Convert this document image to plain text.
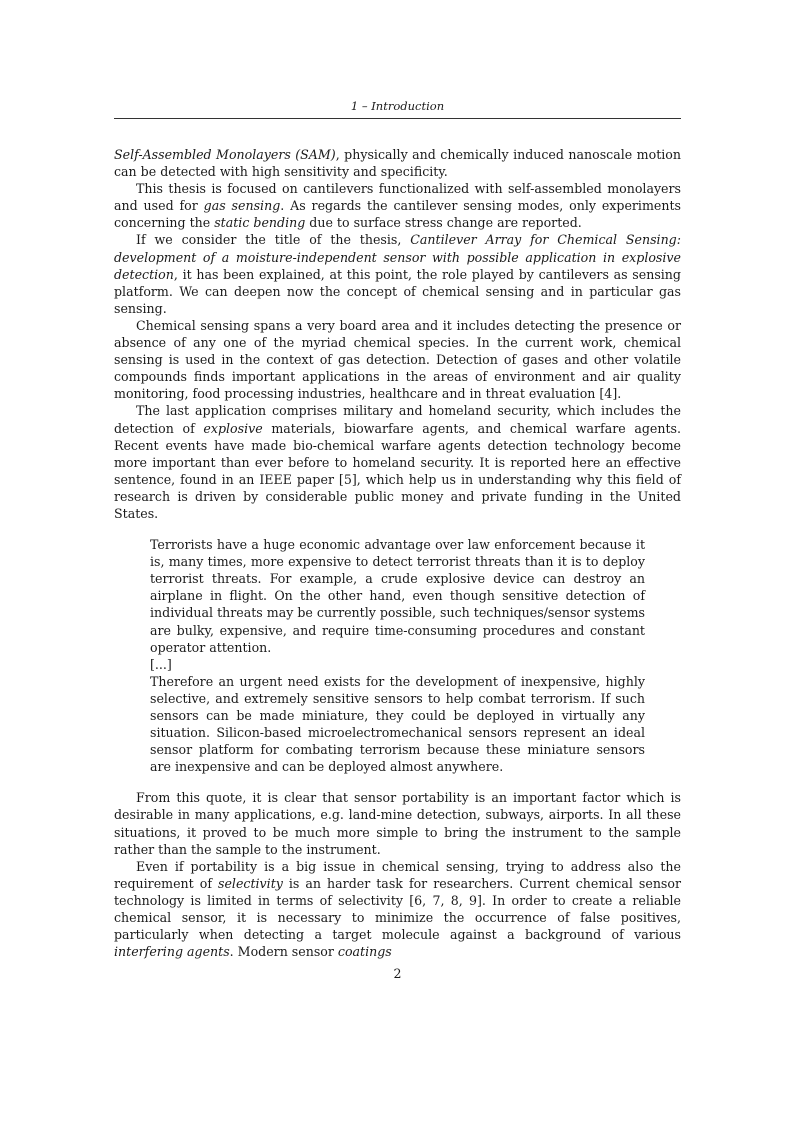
1 – Introduction

Self-Assembled Monolayers (SAM), physically and chemically induced nanoscale motion can be detected with high sensitivity and specificity.

This thesis is focused on cantilevers functionalized with self-assembled monolayers and used for gas sensing. As regards the cantilever sensing modes, only experiments concerning the static bending due to surface stress change are reported.

If we consider the title of the thesis, Cantilever Array for Chemical Sensing: development of a moisture-independent sensor with possible application in explosive detection, it has been explained, at this point, the role played by cantilevers as sensing platform. We can deepen now the concept of chemical sensing and in particular gas sensing.

Chemical sensing spans a very board area and it includes detecting the presence or absence of any one of the myriad chemical species. In the current work, chemical sensing is used in the context of gas detection. Detection of gases and other volatile compounds finds important applications in the areas of environment and air quality monitoring, food processing industries, healthcare and in threat evaluation [4].

The last application comprises military and homeland security, which includes the detection of explosive materials, biowarfare agents, and chemical warfare agents. Recent events have made bio-chemical warfare agents detection technology become more important than ever before to homeland security. It is reported here an effective sentence, found in an IEEE paper [5], which help us in understanding why this field of research is driven by considerable public money and private funding in the United States.

Terrorists have a huge economic advantage over law enforcement because it is, many times, more expensive to detect terrorist threats than it is to deploy terrorist threats. For example, a crude explosive device can destroy an airplane in flight. On the other hand, even though sensitive detection of individual threats may be currently possible, such techniques/sensor systems are bulky, expensive, and require time-consuming procedures and constant operator attention.
[...]
Therefore an urgent need exists for the development of inexpensive, highly selective, and extremely sensitive sensors to help combat terrorism. If such sensors can be made miniature, they could be deployed in virtually any situation. Silicon-based microelectromechanical sensors represent an ideal sensor platform for combating terrorism because these miniature sensors are inexpensive and can be deployed almost anywhere.

From this quote, it is clear that sensor portability is an important factor which is desirable in many applications, e.g. land-mine detection, subways, airports. In all these situations, it proved to be much more simple to bring the instrument to the sample rather than the sample to the instrument.

Even if portability is a big issue in chemical sensing, trying to address also the requirement of selectivity is an harder task for researchers. Current chemical sensor technology is limited in terms of selectivity [6, 7, 8, 9]. In order to create a reliable chemical sensor, it is necessary to minimize the occurrence of false positives, particularly when detecting a target molecule against a background of various interfering agents. Modern sensor coatings

2
